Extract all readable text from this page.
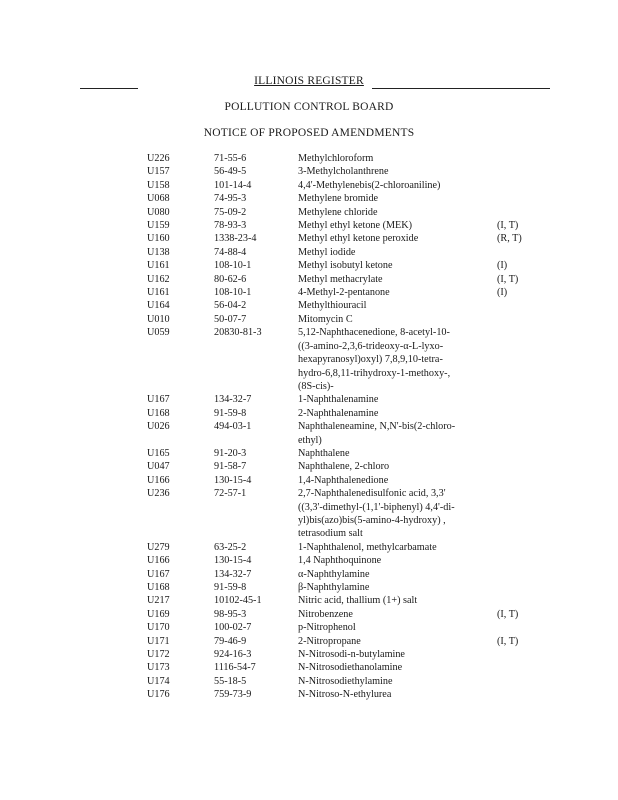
ILLINOIS REGISTER
POLLUTION CONTROL BOARD
NOTICE OF PROPOSED AMENDMENTS
U226	71-55-6	Methylchloroform
U157	56-49-5	3-Methylcholanthrene
U158	101-14-4	4,4'-Methylenebis(2-chloroaniline)
U068	74-95-3	Methylene bromide
U080	75-09-2	Methylene chloride
U159	78-93-3	Methyl ethyl ketone (MEK)	(I, T)
U160	1338-23-4	Methyl ethyl ketone peroxide	(R, T)
U138	74-88-4	Methyl iodide
U161	108-10-1	Methyl isobutyl ketone	(I)
U162	80-62-6	Methyl methacrylate	(I, T)
U161	108-10-1	4-Methyl-2-pentanone	(I)
U164	56-04-2	Methylthiouracil
U010	50-07-7	Mitomycin C
U059	20830-81-3	5,12-Naphthacenedione, 8-acetyl-10-
((3-amino-2,3,6-trideoxy-α-L-lyxo-
hexapyranosyl)oxyl) 7,8,9,10-tetra-
hydro-6,8,11-trihydroxy-1-methoxy-,
(8S-cis)-
U167	134-32-7	1-Naphthalenamine
U168	91-59-8	2-Naphthalenamine
U026	494-03-1	Naphthaleneamine, N,N'-bis(2-chloro-
ethyl)
U165	91-20-3	Naphthalene
U047	91-58-7	Naphthalene, 2-chloro
U166	130-15-4	1,4-Naphthalenedione
U236	72-57-1	2,7-Naphthalenedisulfonic acid, 3,3'
((3,3'-dimethyl-(1,1'-biphenyl) 4,4'-di-
yl)bis(azo)bis(5-amino-4-hydroxy) ,
tetrasodium salt
U279	63-25-2	1-Naphthalenol, methylcarbamate
U166	130-15-4	1,4 Naphthoquinone
U167	134-32-7	α-Naphthylamine
U168	91-59-8	β-Naphthylamine
U217	10102-45-1	Nitric acid, thallium (1+) salt
U169	98-95-3	Nitrobenzene	(I, T)
U170	100-02-7	p-Nitrophenol
U171	79-46-9	2-Nitropropane	(I, T)
U172	924-16-3	N-Nitrosodi-n-butylamine
U173	1116-54-7	N-Nitrosodiethanolamine
U174	55-18-5	N-Nitrosodiethylamine
U176	759-73-9	N-Nitroso-N-ethylurea
